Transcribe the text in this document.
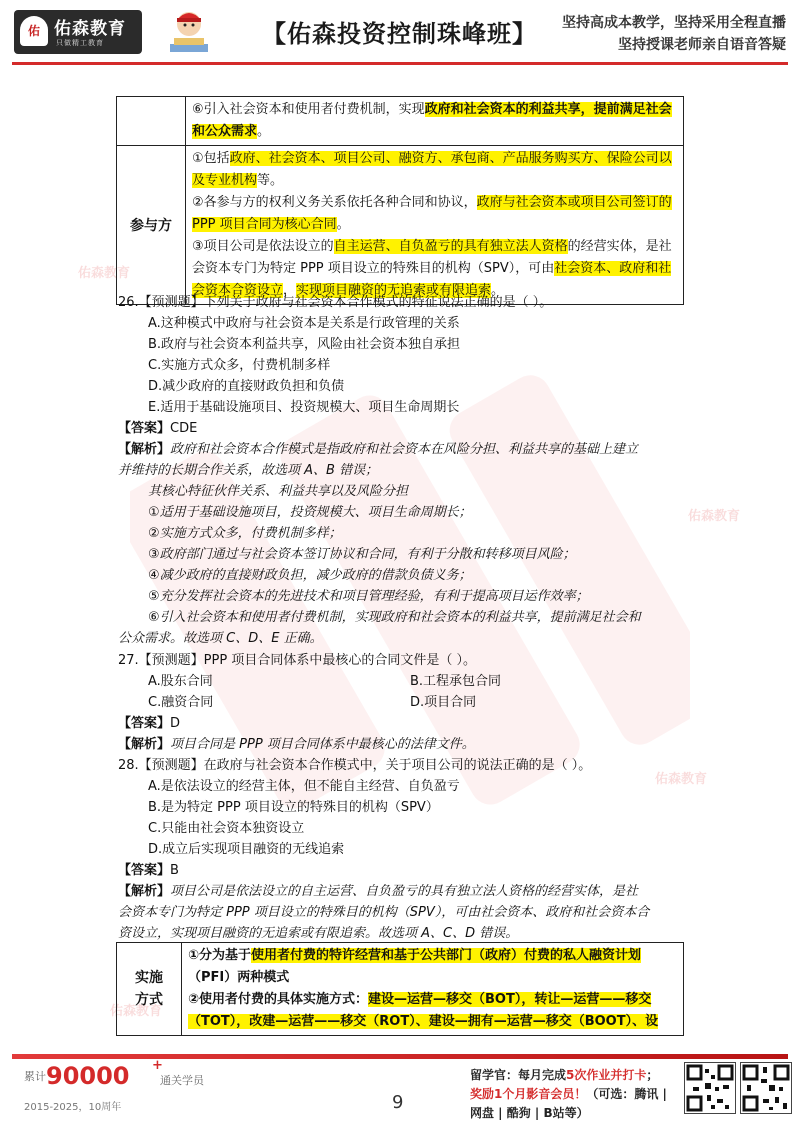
佑 佑森教育
只做精工教育	【佑森投资控制珠峰班】 坚持高成本教学，坚持采用全程直播
坚持授课老师亲自语音答疑
佑森教育
佑森教育
佑森教育
佑森教育
	⑥引入社会资本和使用者付费机制，实现政府和社会资本的利益共享，提前满足社会和公众需求。
参与方	①包括政府、社会资本、项目公司、融资方、承包商、产品服务购买方、保险公司以及专业机构等。
②各参与方的权利义务关系依托各种合同和协议，政府与社会资本或项目公司签订的 PPP 项目合同为核心合同。
③项目公司是依法设立的自主运营、自负盈亏的具有独立法人资格的经营实体，是社会资本专门为特定 PPP 项目设立的特殊目的机构（SPV），可由社会资本、政府和社会资本合资设立，实现项目融资的无追索或有限追索。
26.【预测题】下列关于政府与社会资本合作模式的特征说法正确的是（ ）。
A.这种模式中政府与社会资本是关系是行政管理的关系
B.政府与社会资本利益共享，风险由社会资本独自承担
C.实施方式众多，付费机制多样
D.减少政府的直接财政负担和负债
E.适用于基础设施项目、投资规模大、项目生命周期长
【答案】CDE
【解析】政府和社会资本合作模式是指政府和社会资本在风险分担、利益共享的基础上建立
并维持的长期合作关系，故选项 A、B 错误；
其核心特征伙伴关系、利益共享以及风险分担
①适用于基础设施项目，投资规模大、项目生命周期长；
②实施方式众多，付费机制多样；
③政府部门通过与社会资本签订协议和合同，有利于分散和转移项目风险；
④减少政府的直接财政负担，减少政府的借款负债义务；
⑤充分发挥社会资本的先进技术和项目管理经验，有利于提高项目运作效率；
⑥引入社会资本和使用者付费机制，实现政府和社会资本的利益共享，提前满足社会和
公众需求。故选项 C、D、E 正确。
27.【预测题】PPP 项目合同体系中最核心的合同文件是（ ）。
A.股东合同	B.工程承包合同
C.融资合同	D.项目合同
【答案】D
【解析】项目合同是 PPP 项目合同体系中最核心的法律文件。
28.【预测题】在政府与社会资本合作模式中，关于项目公司的说法正确的是（ ）。
A.是依法设立的经营主体，但不能自主经营、自负盈亏
B.是为特定 PPP 项目设立的特殊目的机构（SPV）
C.只能由社会资本独资设立
D.成立后实现项目融资的无线追索
【答案】B
【解析】项目公司是依法设立的自主运营、自负盈亏的具有独立法人资格的经营实体，是社
会资本专门为特定 PPP 项目设立的特殊目的机构（SPV），可由社会资本、政府和社会资本合
资设立，实现项目融资的无追索或有限追索。故选项 A、C、D 错误。
实施
方式

①分为基于使用者付费的特许经营和基于公共部门（政府）付费的私人融资计划（PFI）两种模式
②使用者付费的具体实施方式：建设—运营—移交（BOT），转让—运营——移交（TOT），改建—运营——移交（ROT）、建设—拥有—运营—移交（BOOT）、设
累计 90000 +
通关学员
2015-2025，10周年	9
留学官：每月完成5次作业并打卡；
奖励1个月影音会员！（可选：腾讯 |
网盘 | 酷狗 | B站等）
